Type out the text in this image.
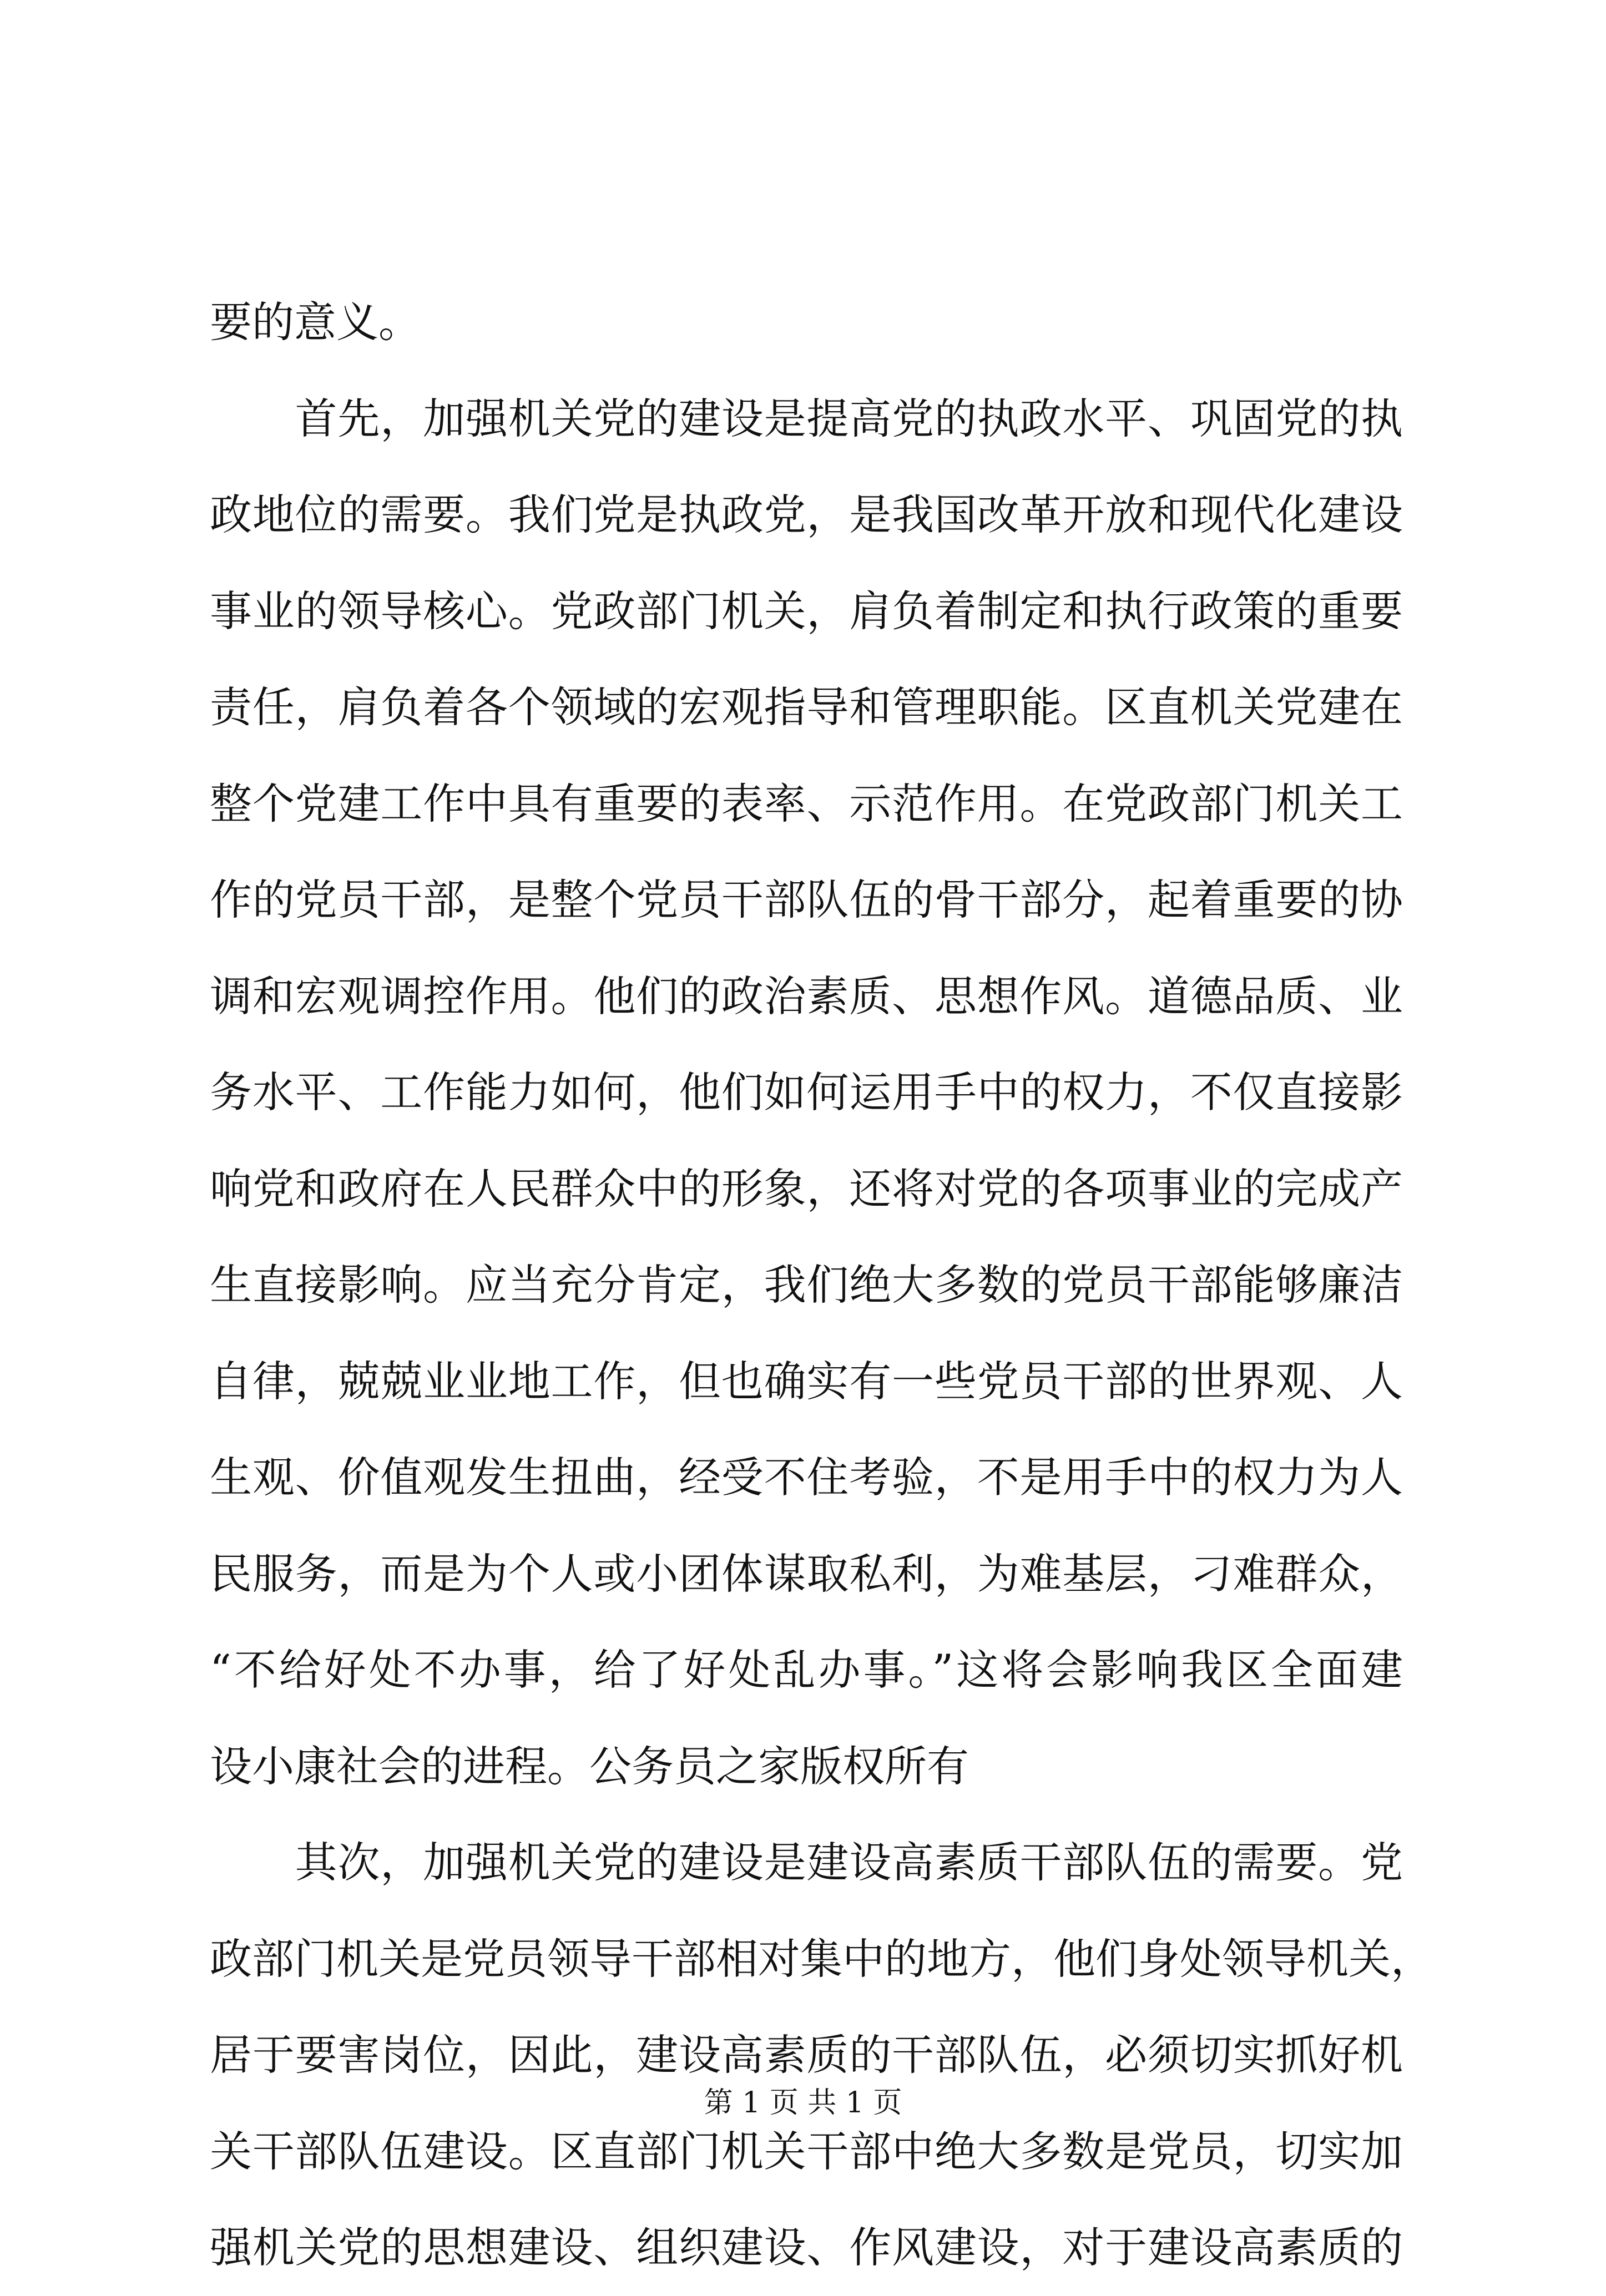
要的意义。
　　首先，加强机关党的建设是提高党的执政水平、巩固党的执
政地位的需要。我们党是执政党，是我国改革开放和现代化建设
事业的领导核心。党政部门机关，肩负着制定和执行政策的重要
责任，肩负着各个领域的宏观指导和管理职能。区直机关党建在
整个党建工作中具有重要的表率、示范作用。在党政部门机关工
作的党员干部，是整个党员干部队伍的骨干部分，起着重要的协
调和宏观调控作用。他们的政治素质、思想作风。道德品质、业
务水平、工作能力如何，他们如何运用手中的权力，不仅直接影
响党和政府在人民群众中的形象，还将对党的各项事业的完成产
生直接影响。应当充分肯定，我们绝大多数的党员干部能够廉洁
自律，兢兢业业地工作，但也确实有一些党员干部的世界观、人
生观、价值观发生扭曲，经受不住考验，不是用手中的权力为人
民服务，而是为个人或小团体谋取私利，为难基层，刁难群众，
“不给好处不办事，给了好处乱办事。”这将会影响我区全面建
设小康社会的进程。公务员之家版权所有
　　其次，加强机关党的建设是建设高素质干部队伍的需要。党
政部门机关是党员领导干部相对集中的地方，他们身处领导机关，
居于要害岗位，因此，建设高素质的干部队伍，必须切实抓好机
关干部队伍建设。区直部门机关干部中绝大多数是党员，切实加
强机关党的思想建设、组织建设、作风建设，对于建设高素质的
第 1 页 共 1 页
